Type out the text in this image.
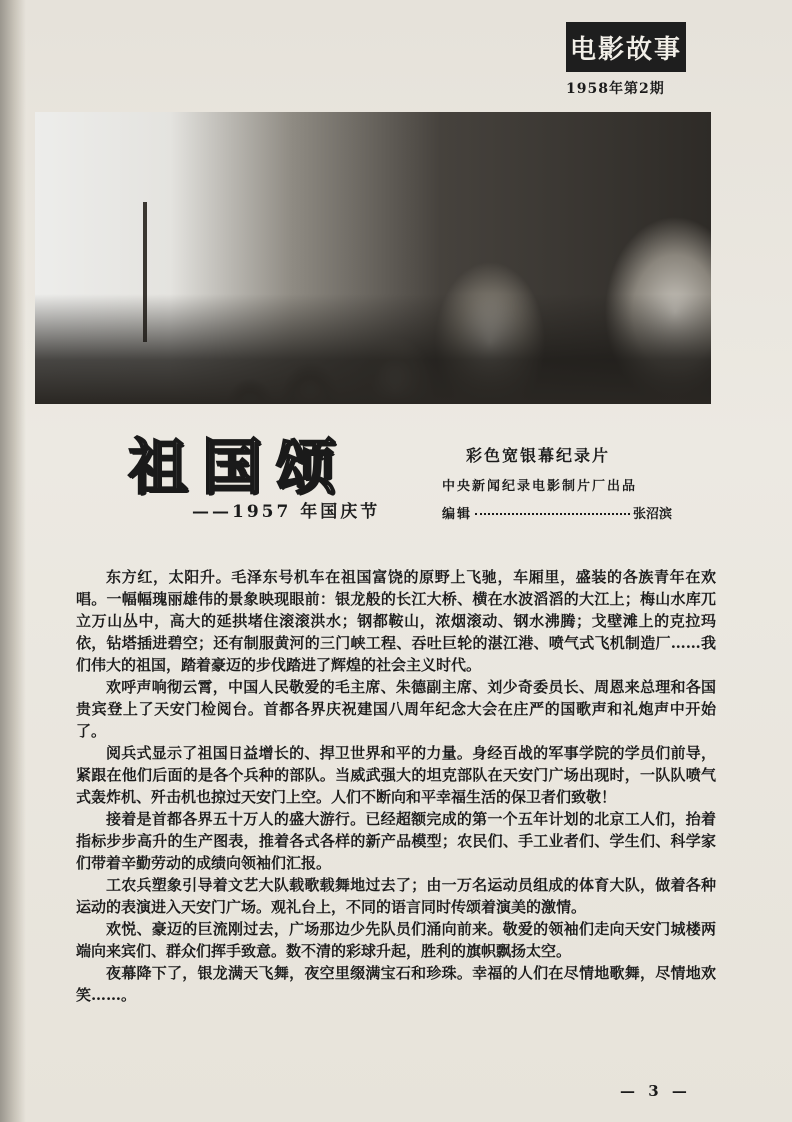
电影故事
1958年第2期
祖国颂
——1957 年国庆节
彩色宽银幕纪录片
中央新闻纪录电影制片厂出品
编辑	张沼滨

东方红，太阳升。毛泽东号机车在祖国富饶的原野上飞驰，车厢里，盛装的各族青年在欢唱。一幅幅瑰丽雄伟的景象映现眼前：银龙般的长江大桥、横在水波滔滔的大江上；梅山水库兀立万山丛中，高大的延拱堵住滚滚洪水；钢都鞍山，浓烟滚动、钢水沸腾；戈壁滩上的克拉玛依，钻塔插进碧空；还有制服黄河的三门峡工程、吞吐巨轮的湛江港、喷气式飞机制造厂……我们伟大的祖国，踏着豪迈的步伐踏进了辉煌的社会主义时代。

欢呼声响彻云霄，中国人民敬爱的毛主席、朱德副主席、刘少奇委员长、周恩来总理和各国贵宾登上了天安门检阅台。首都各界庆祝建国八周年纪念大会在庄严的国歌声和礼炮声中开始了。

阅兵式显示了祖国日益增长的、捍卫世界和平的力量。身经百战的军事学院的学员们前导，紧跟在他们后面的是各个兵种的部队。当威武强大的坦克部队在天安门广场出现时，一队队喷气式轰炸机、歼击机也掠过天安门上空。人们不断向和平幸福生活的保卫者们致敬！

接着是首都各界五十万人的盛大游行。已经超额完成的第一个五年计划的北京工人们，抬着指标步步高升的生产图表，推着各式各样的新产品模型；农民们、手工业者们、学生们、科学家们带着辛勤劳动的成绩向领袖们汇报。

工农兵塑象引导着文艺大队载歌载舞地过去了；由一万名运动员组成的体育大队，做着各种运动的表演进入天安门广场。观礼台上，不同的语言同时传颂着演美的激情。

欢悦、豪迈的巨流刚过去，广场那边少先队员们涌向前来。敬爱的领袖们走向天安门城楼两端向来宾们、群众们挥手致意。数不清的彩球升起，胜利的旗帜飘扬太空。

夜幕降下了，银龙满天飞舞，夜空里缀满宝石和珍珠。幸福的人们在尽情地歌舞，尽情地欢笑……。

— 3 —
